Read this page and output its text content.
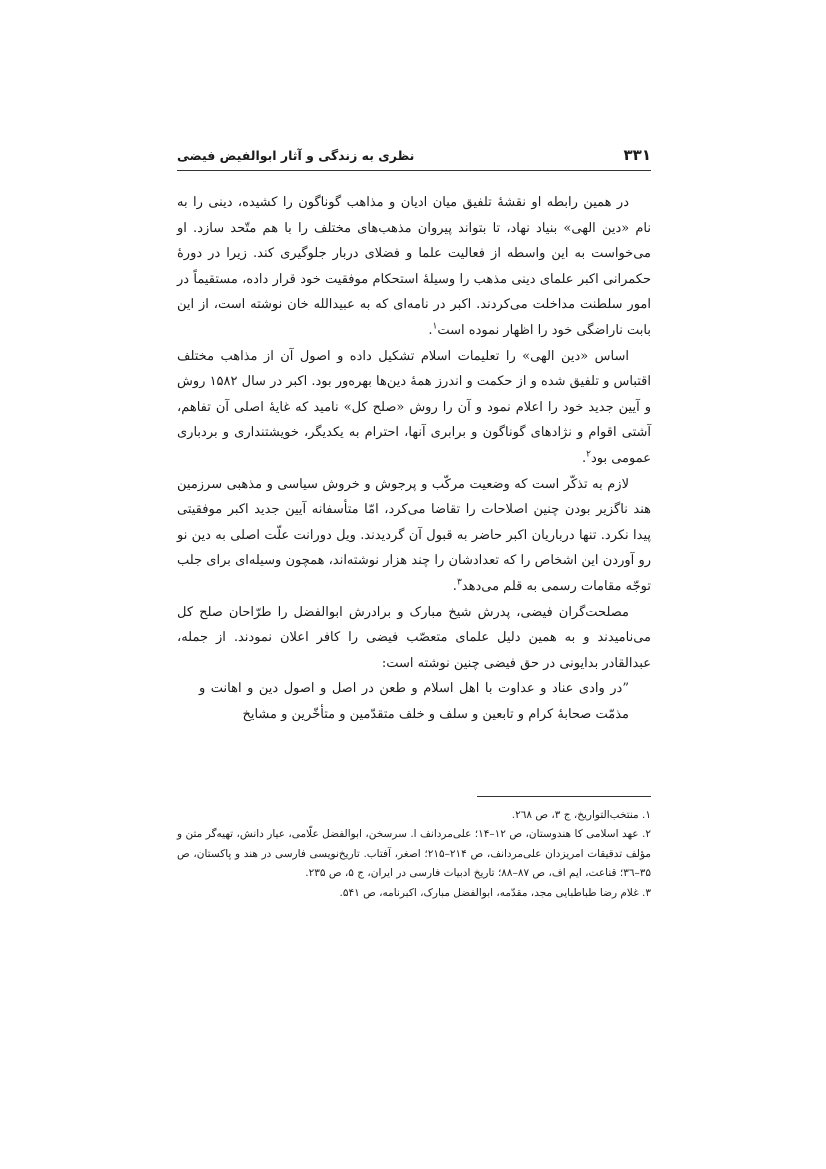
۳۳۱
نظری به زندگی و آثار ابوالفیض فیضی

در همین رابطه او نقشهٔ تلفیق میان ادیان و مذاهب گوناگون را کشیده، دینی را به نام «دین الهی» بنیاد نهاد، تا بتواند پیروان مذهب‌های مختلف را با هم متّحد سازد. او می‌خواست به این واسطه از فعالیت علما و فضلای دربار جلوگیری کند. زیرا در دورهٔ حکمرانی اکبر علمای دینی مذهب را وسیلهٔ استحکام موفقیت خود قرار داده، مستقیماً در امور سلطنت مداخلت می‌کردند. اکبر در نامه‌ای که به عبیدالله خان نوشته است، از این بابت ناراضگی خود را اظهار نموده است$^۱$.

اساس «دین الهی» را تعلیمات اسلام تشکیل داده و اصول آن از مذاهب مختلف اقتباس و تلفیق شده و از حکمت و اندرز همهٔ دین‌ها بهره‌ور بود. اکبر در سال ۱۵۸۲ روش و آیین جدید خود را اعلام نمود و آن را روش «صلح کل» نامید که غایهٔ اصلی آن تفاهم، آشتی اقوام و نژادهای گوناگون و برابری آنها، احترام به یکدیگر، خویشتنداری و بردباری عمومی بود$^۲$.

لازم به تذکّر است که وضعیت مرکّب و پرجوش و خروش سیاسی و مذهبی سرزمین هند ناگزیر بودن چنین اصلاحات را تقاضا می‌کرد، امّا متأسفانه آیین جدید اکبر موفقیتی پیدا نکرد. تنها درباریان اکبر حاضر به قبول آن گردیدند. ویل دورانت علّت اصلی به دین نو رو آوردن این اشخاص را که تعدادشان را چند هزار نوشته‌اند، همچون وسیله‌ای برای جلب توجّه مقامات رسمی به قلم می‌دهد$^۳$.

مصلحت‌گران فیضی، پدرش شیخ مبارک و برادرش ابوالفضل را طرّاحان صلح کل می‌نامیدند و به همین دلیل علمای متعصّب فیضی را کافر اعلان نمودند. از جمله، عبدالقادر بدایونی در حق فیضی چنین نوشته است:

”در وادی عناد و عداوت با اهل اسلام و طعن در اصل و اصول دین و اهانت و مذمّت صحابهٔ کرام و تابعین و سلف و خلف متقدّمین و متأخّرین و مشایخ

۱. منتخب‌التواریخ، ج ۳، ص ۲٦۸.

۲. عهد اسلامی کا هندوستان، ص ۱۲–۱۴؛ علی‌مردانف ا. سرسخن، ابوالفضل علّامی، عیار دانش، تهیه‌گر متن و مؤلف تدقیقات امریزدان علی‌مردانف، ص ۲۱۴–۲۱۵؛ اصغر، آفتاب. تاریخ‌نویسی فارسی در هند و پاکستان، ص ۳۵–۳٦؛ قناعت، ایم اف، ص ۸۷–۸۸؛ تاریخ ادبیات فارسی در ایران، ج ۵، ص ۲۳۵.

۳. غلام رضا طباطبایی مجد، مقدّمه، ابوالفضل مبارک، اکبرنامه، ص ۵۴۱.
